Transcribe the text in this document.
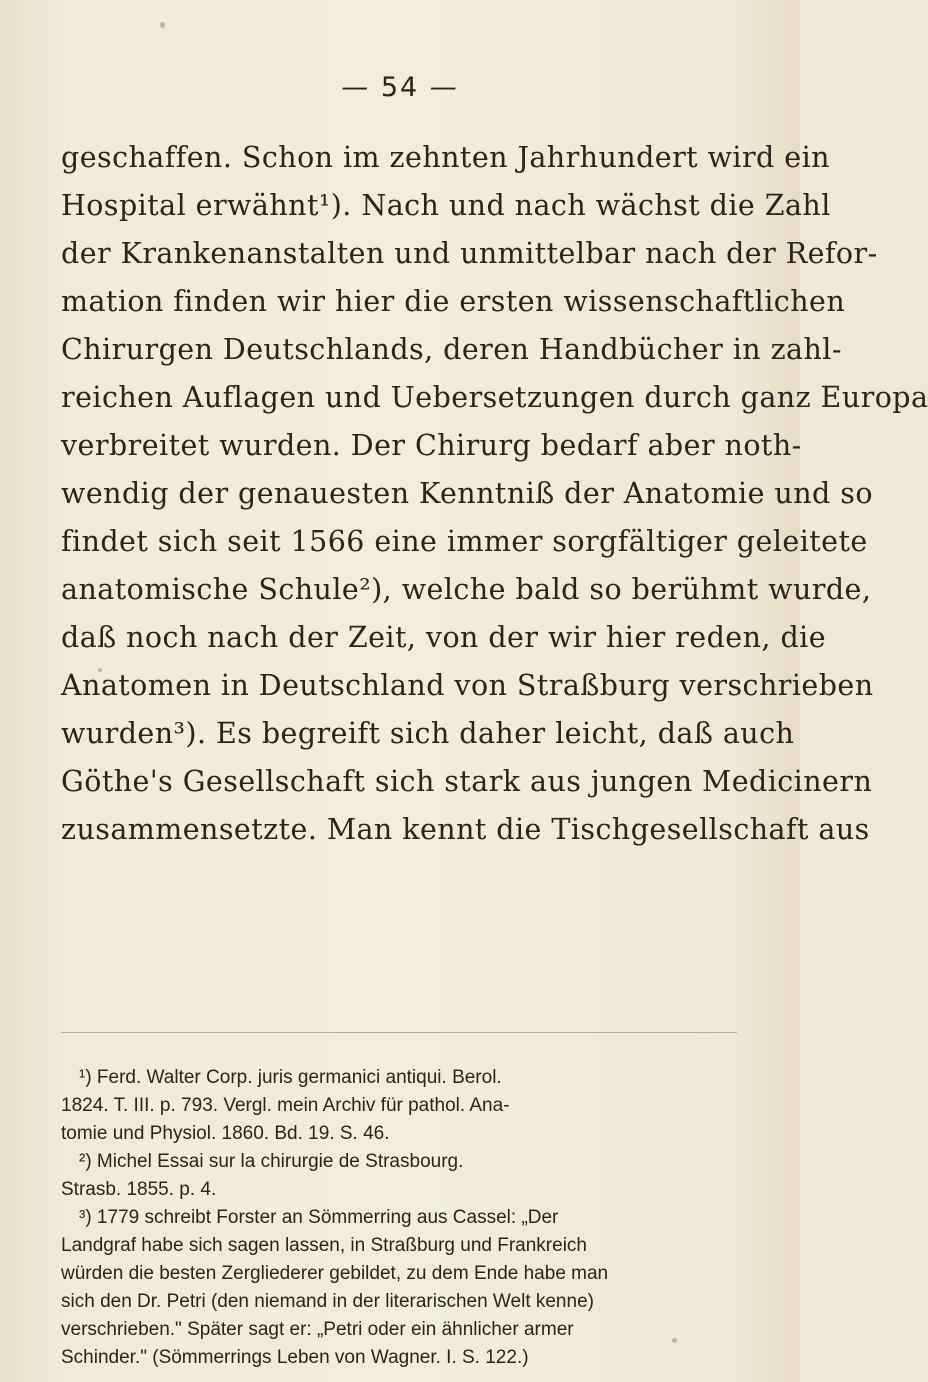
— 54 —
geschaffen. Schon im zehnten Jahrhundert wird ein
Hospital erwähnt¹). Nach und nach wächst die Zahl
der Krankenanstalten und unmittelbar nach der Refor-
mation finden wir hier die ersten wissenschaftlichen
Chirurgen Deutschlands, deren Handbücher in zahl-
reichen Auflagen und Uebersetzungen durch ganz Europa
verbreitet wurden. Der Chirurg bedarf aber noth-
wendig der genauesten Kenntniß der Anatomie und so
findet sich seit 1566 eine immer sorgfältiger geleitete
anatomische Schule²), welche bald so berühmt wurde,
daß noch nach der Zeit, von der wir hier reden, die
Anatomen in Deutschland von Straßburg verschrieben
wurden³). Es begreift sich daher leicht, daß auch
Göthe's Gesellschaft sich stark aus jungen Medicinern
zusammensetzte. Man kennt die Tischgesellschaft aus
¹) Ferd. Walter Corp. juris germanici antiqui. Berol.
1824. T. III. p. 793. Vergl. mein Archiv für pathol. Ana-
tomie und Physiol. 1860. Bd. 19. S. 46.
²) Michel Essai sur la chirurgie de Strasbourg.
Strasb. 1855. p. 4.
³) 1779 schreibt Forster an Sömmerring aus Cassel: „Der
Landgraf habe sich sagen lassen, in Straßburg und Frankreich
würden die besten Zergliederer gebildet, zu dem Ende habe man
sich den Dr. Petri (den niemand in der literarischen Welt kenne)
verschrieben." Später sagt er: „Petri oder ein ähnlicher armer
Schinder." (Sömmerrings Leben von Wagner. I. S. 122.)
